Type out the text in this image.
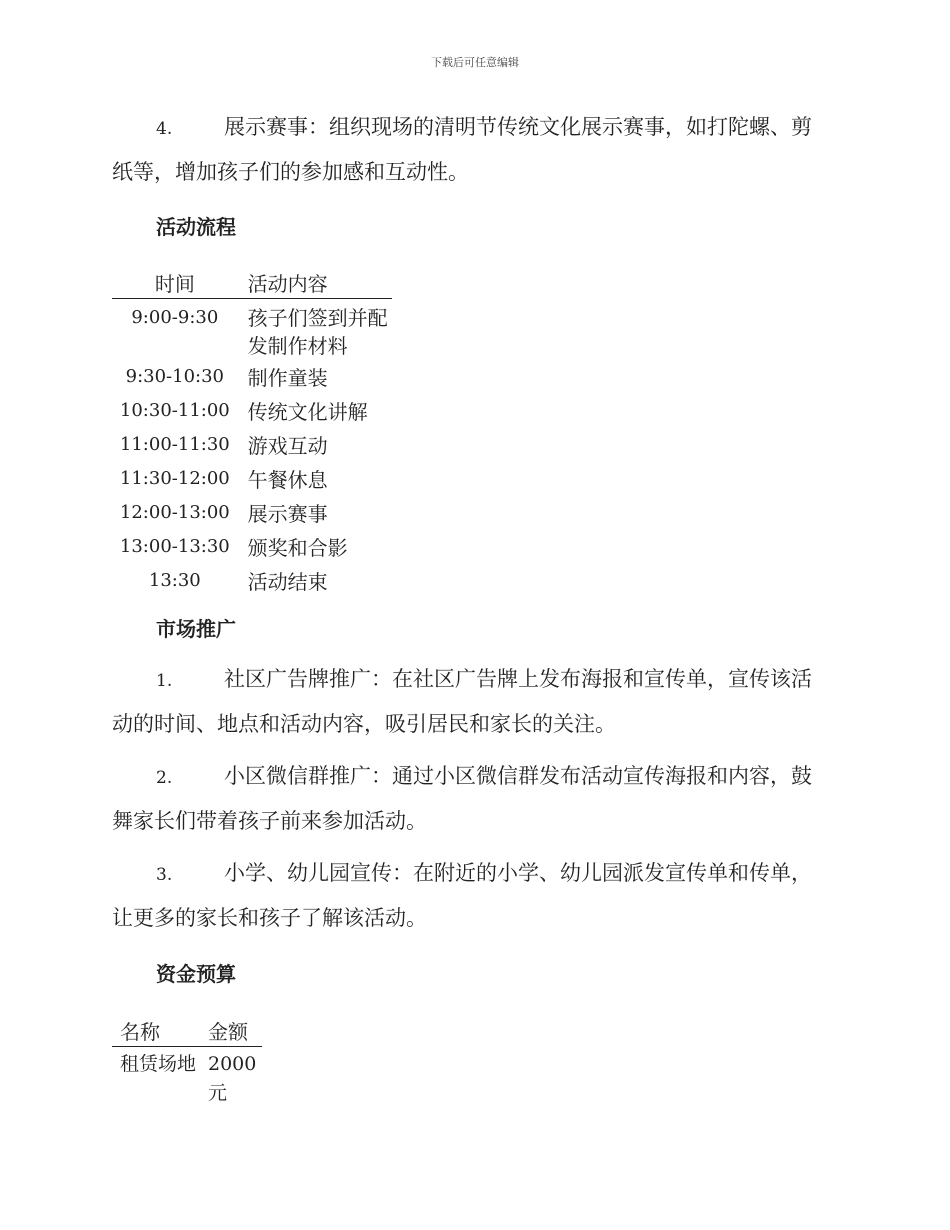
下载后可任意编辑
4. 展示赛事：组织现场的清明节传统文化展示赛事，如打陀螺、剪
纸等，增加孩子们的参加感和互动性。
活动流程
时间	活动内容
9:00-9:30	孩子们签到并配发制作材料
9:30-10:30	制作童装
10:30-11:00	传统文化讲解
11:00-11:30	游戏互动
11:30-12:00	午餐休息
12:00-13:00	展示赛事
13:00-13:30	颁奖和合影
13:30	活动结束
市场推广
1. 社区广告牌推广：在社区广告牌上发布海报和宣传单，宣传该活
动的时间、地点和活动内容，吸引居民和家长的关注。
2. 小区微信群推广：通过小区微信群发布活动宣传海报和内容，鼓
舞家长们带着孩子前来参加活动。
3. 小学、幼儿园宣传：在附近的小学、幼儿园派发宣传单和传单，
让更多的家长和孩子了解该活动。
资金预算
名称	金额
租赁场地	2000元
